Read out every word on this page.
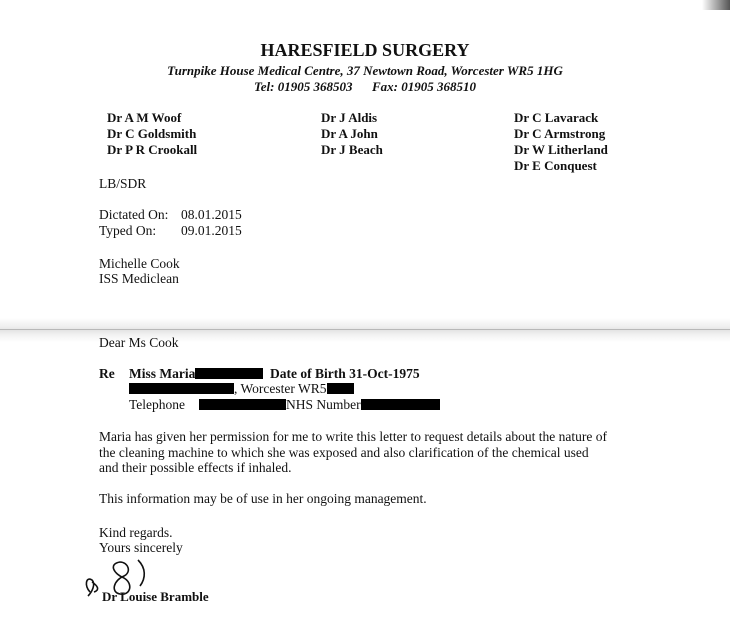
HARESFIELD SURGERY
Turnpike House Medical Centre, 37 Newtown Road, Worcester WR5 1HG
Tel: 01905 368503      Fax: 01905 368510
Dr A M Woof
Dr C Goldsmith
Dr P R Crookall
Dr J Aldis
Dr A John
Dr J Beach
Dr C Lavarack
Dr C Armstrong
Dr W Litherland
Dr E Conquest
LB/SDR
Dictated On: 08.01.2015
Typed On: 09.01.2015
Michelle Cook
ISS Mediclean
Dear Ms Cook
Re Miss Maria	Date of Birth 31-Oct-1975
, Worcester WR5
Telephone	NHS Number
Maria has given her permission for me to write this letter to request details about the nature of
the cleaning machine to which she was exposed and also clarification of the chemical used
and their possible effects if inhaled.
This information may be of use in her ongoing management.
Kind regards.
Yours sincerely
Dr Louise Bramble
